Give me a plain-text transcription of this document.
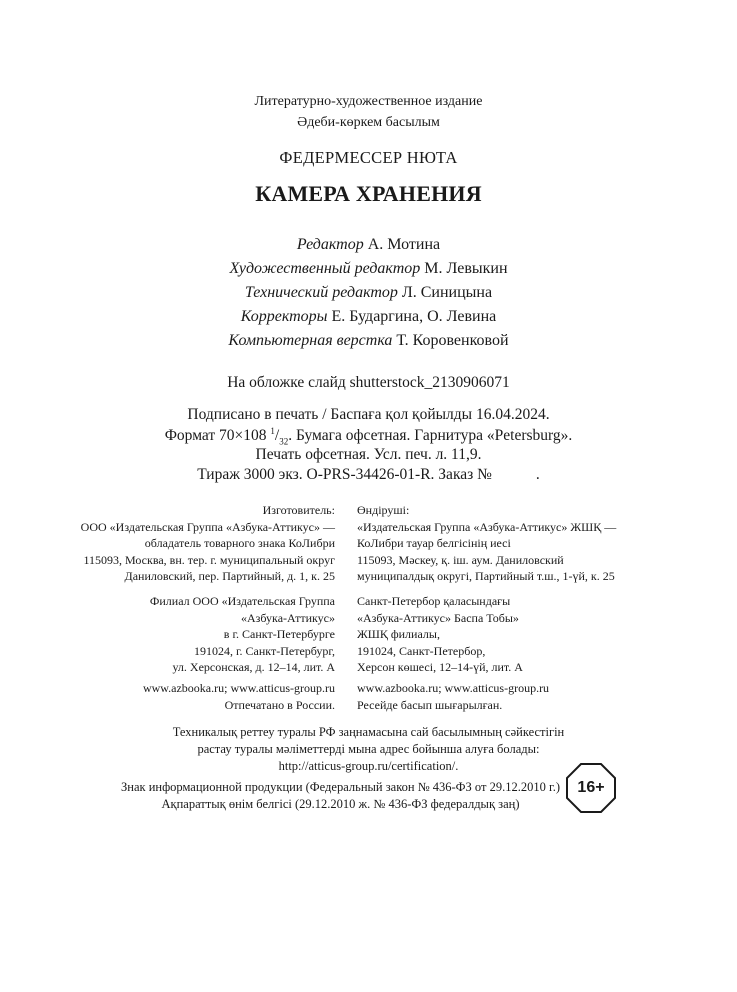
Литературно-художественное издание
Әдеби-көркем басылым
ФЕДЕРМЕССЕР НЮТА
КАМЕРА ХРАНЕНИЯ
Редактор А. Мотина
Художественный редактор М. Левыкин
Технический редактор Л. Синицына
Корректоры Е. Бударгина, О. Левина
Компьютерная верстка Т. Коровенковой
На обложке слайд shutterstock_2130906071
Подписано в печать / Баспаға қол қойылды 16.04.2024.
Формат 70×108 $^1/_{32}$. Бумага офсетная. Гарнитура «Petersburg».
Печать офсетная. Усл. печ. л. 11,9.
Тираж 3000 экз. O-PRS-34426-01-R. Заказ №	.
Изготовитель:
ООО «Издательская Группа «Азбука-Аттикус» —
обладатель товарного знака КоЛибри
115093, Москва, вн. тер. г. муниципальный округ
Даниловский, пер. Партийный, д. 1, к. 25
Өндіруші:
«Издательская Группа «Азбука-Аттикус» ЖШҚ —
КоЛибри тауар белгісінің иесі
115093, Мәскеу, қ. іш. аум. Даниловский
муниципалдық округі, Партийный т.ш., 1-үй, к. 25
Филиал ООО «Издательская Группа
«Азбука-Аттикус»
в г. Санкт-Петербурге
191024, г. Санкт-Петербург,
ул. Херсонская, д. 12–14, лит. А
Санкт-Петербор қаласындағы
«Азбука-Аттикус» Баспа Тобы»
ЖШҚ филиалы,
191024, Санкт-Петербор,
Херсон көшесі, 12–14-үй, лит. А
www.azbooka.ru; www.atticus-group.ru
Отпечатано в России.
www.azbooka.ru; www.atticus-group.ru
Ресейде басып шығарылған.
Техникалық реттеу туралы РФ заңнамасына сай басылымның сәйкестігін
растау туралы мәліметтерді мына адрес бойынша алуға болады:
http://atticus-group.ru/certification/.
Знак информационной продукции (Федеральный закон № 436-ФЗ от 29.12.2010 г.)
Ақпараттық өнім белгісі (29.12.2010 ж. № 436-ФЗ федералдық заң)
16+
